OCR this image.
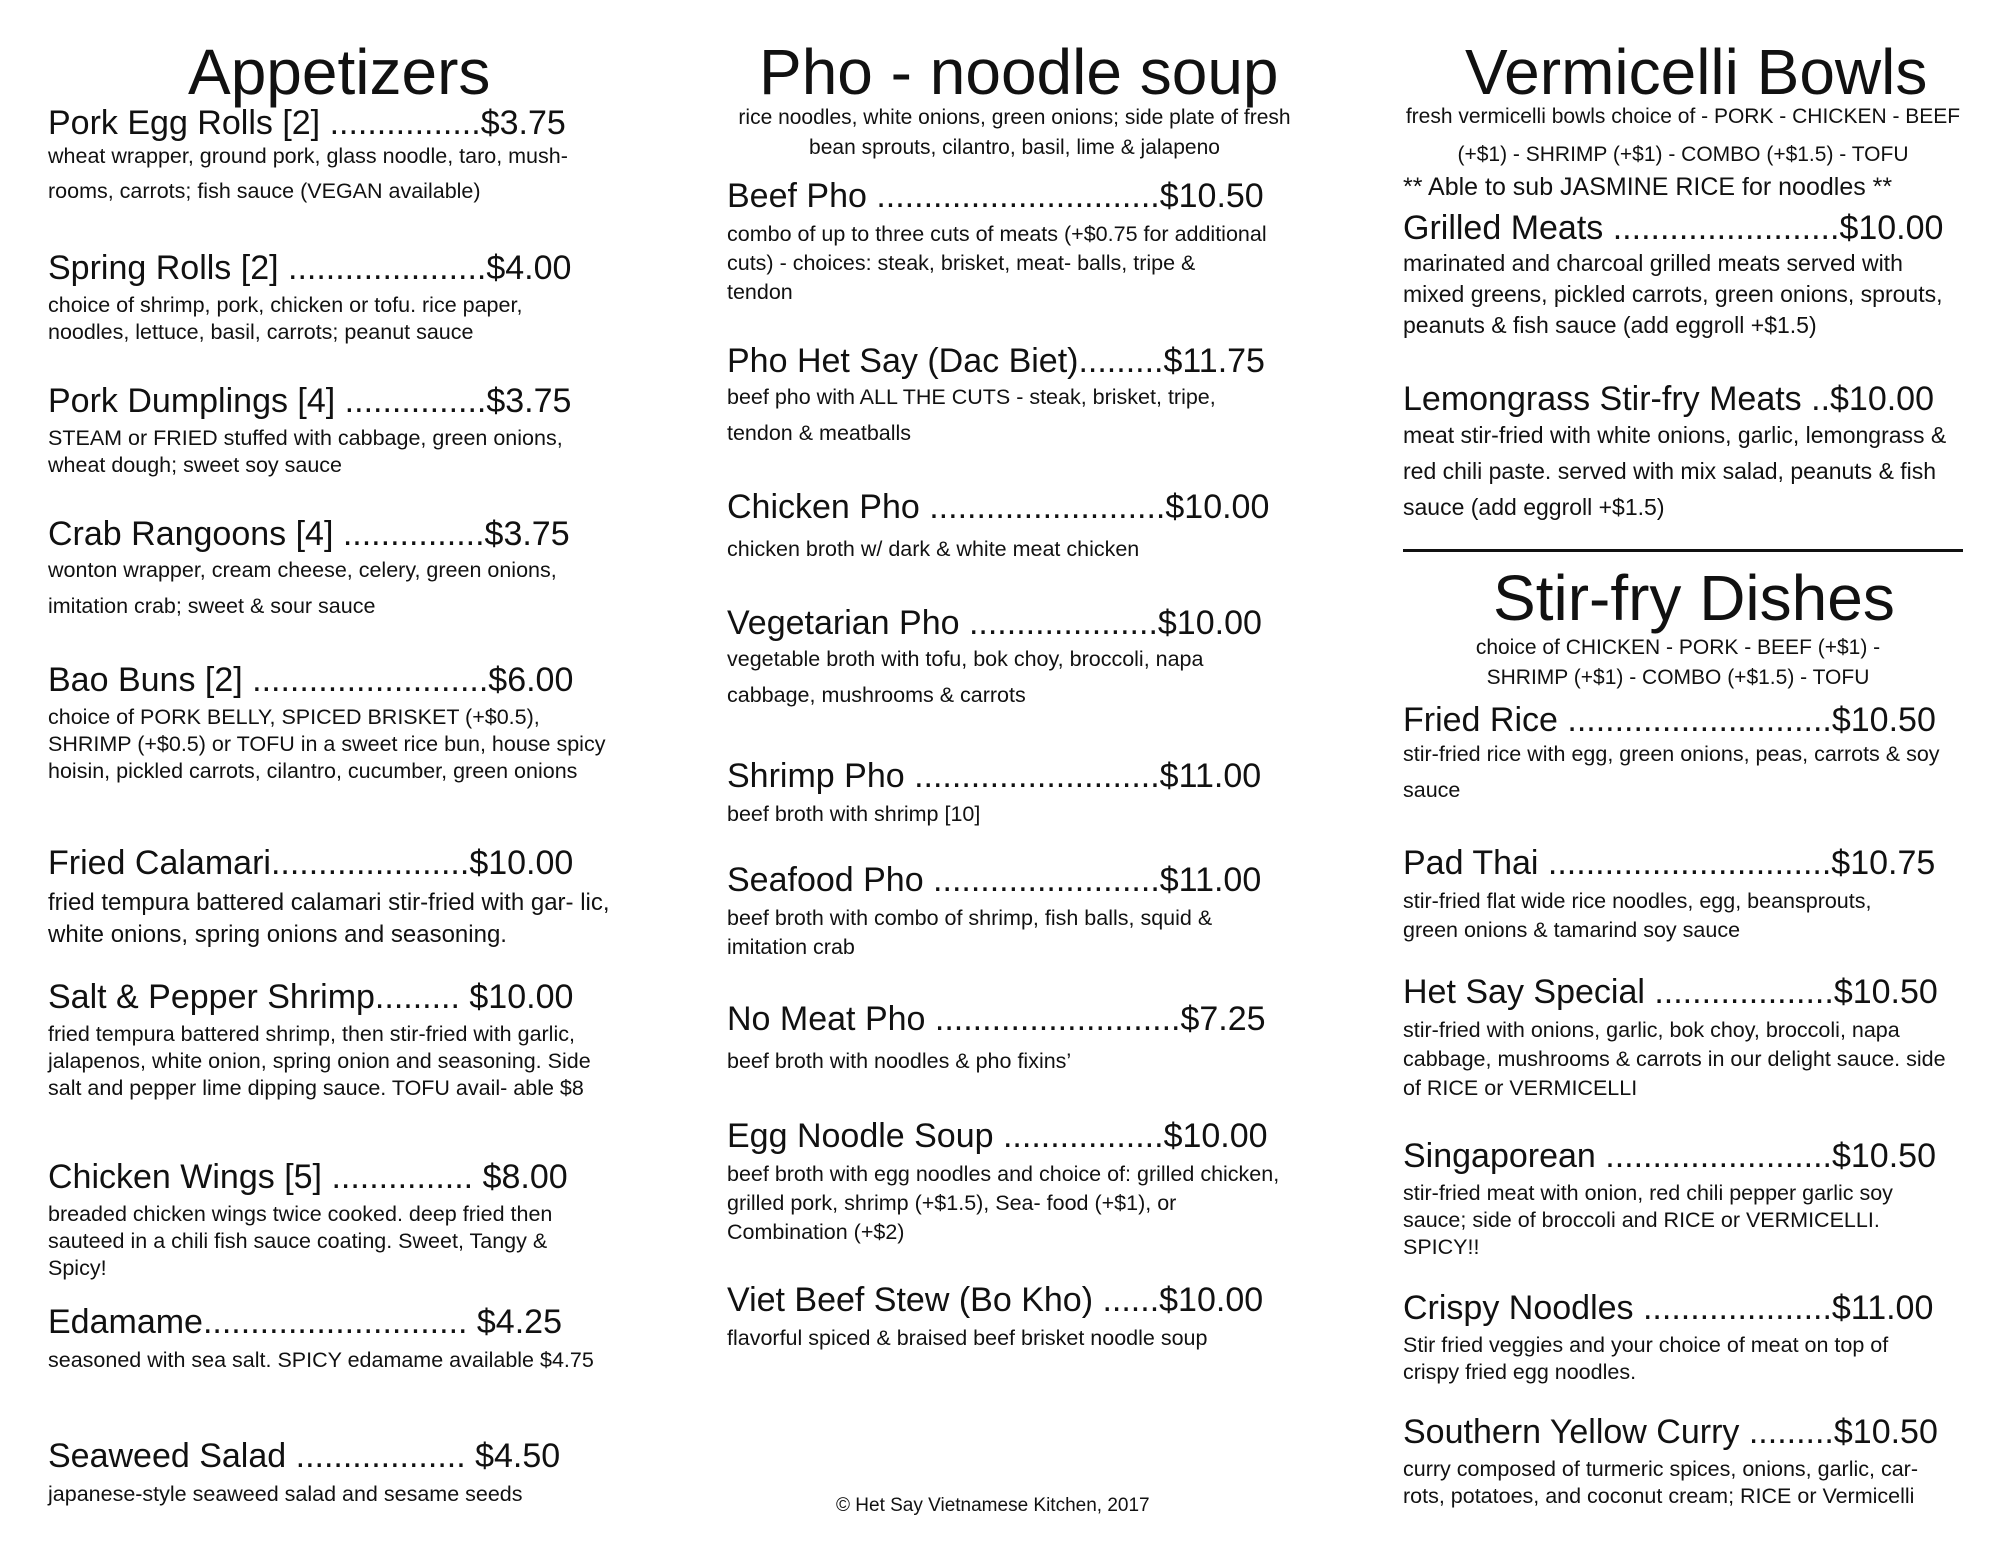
Appetizers
Pork Egg Rolls [2] ................$3.75
wheat wrapper, ground pork, glass noodle, taro, mush- rooms, carrots; fish sauce (VEGAN available)
Spring Rolls [2] .....................$4.00
choice of shrimp, pork, chicken or tofu. rice paper, noodles, lettuce, basil, carrots; peanut sauce
Pork Dumplings [4] ...............$3.75
STEAM or FRIED stuffed with cabbage, green onions, wheat dough; sweet soy sauce
Crab Rangoons [4] ...............$3.75
wonton wrapper, cream cheese, celery, green onions, imitation crab; sweet & sour sauce
Bao Buns [2] .........................$6.00
choice of PORK BELLY, SPICED BRISKET (+$0.5), SHRIMP (+$0.5) or TOFU in a sweet rice bun, house spicy hoisin, pickled carrots, cilantro, cucumber, green onions
Fried Calamari.....................$10.00
fried tempura battered calamari stir-fried with gar- lic, white onions, spring onions and seasoning.
Salt & Pepper Shrimp......... $10.00
fried tempura battered shrimp, then stir-fried with garlic, jalapenos, white onion, spring onion and seasoning. Side salt and pepper lime dipping sauce. TOFU avail- able $8
Chicken Wings [5] ............... $8.00
breaded chicken wings twice cooked. deep fried then sauteed in a chili fish sauce coating. Sweet, Tangy & Spicy!
Edamame............................ $4.25
seasoned with sea salt. SPICY edamame available $4.75
Seaweed Salad .................. $4.50
japanese-style seaweed salad and sesame seeds
Pho - noodle soup
rice noodles, white onions, green onions; side plate of fresh bean sprouts, cilantro, basil, lime & jalapeno
Beef Pho ..............................$10.50
combo of up to three cuts of meats (+$0.75 for additional cuts) - choices: steak, brisket, meat- balls, tripe & tendon
Pho Het Say (Dac Biet).........$11.75
beef pho with ALL THE CUTS - steak, brisket, tripe, tendon & meatballs
Chicken Pho .........................$10.00
chicken broth w/ dark & white meat chicken
Vegetarian Pho ....................$10.00
vegetable broth with tofu, bok choy, broccoli, napa cabbage, mushrooms & carrots
Shrimp Pho ..........................$11.00
beef broth with shrimp [10]
Seafood Pho ........................$11.00
beef broth with combo of shrimp, fish balls, squid & imitation crab
No Meat Pho ..........................$7.25
beef broth with noodles & pho fixins’
Egg Noodle Soup .................$10.00
beef broth with egg noodles and choice of: grilled chicken, grilled pork, shrimp (+$1.5), Sea- food (+$1), or Combination (+$2)
Viet Beef Stew (Bo Kho) ......$10.00
flavorful spiced & braised beef brisket noodle soup
© Het Say Vietnamese Kitchen, 2017
Vermicelli Bowls
fresh vermicelli bowls choice of - PORK - CHICKEN - BEEF (+$1) - SHRIMP (+$1) - COMBO (+$1.5) - TOFU
** Able to sub JASMINE RICE for noodles **
Grilled Meats ........................$10.00
marinated and charcoal grilled meats served with mixed greens, pickled carrots, green onions, sprouts, peanuts & fish sauce (add eggroll +$1.5)
Lemongrass Stir-fry Meats ..$10.00
meat stir-fried with white onions, garlic, lemongrass & red chili paste. served with mix salad, peanuts & fish sauce (add eggroll +$1.5)
Stir-fry Dishes
choice of CHICKEN - PORK - BEEF (+$1) - SHRIMP (+$1) - COMBO (+$1.5) - TOFU
Fried Rice ............................$10.50
stir-fried rice with egg, green onions, peas, carrots & soy sauce
Pad Thai ..............................$10.75
stir-fried flat wide rice noodles, egg, beansprouts, green onions & tamarind soy sauce
Het Say Special ...................$10.50
stir-fried with onions, garlic, bok choy, broccoli, napa cabbage, mushrooms & carrots in our delight sauce. side of RICE or VERMICELLI
Singaporean ........................$10.50
stir-fried meat with onion, red chili pepper garlic soy sauce; side of broccoli and RICE or VERMICELLI. SPICY!!
Crispy Noodles ....................$11.00
Stir fried veggies and your choice of meat on top of crispy fried egg noodles.
Southern Yellow Curry .........$10.50
curry composed of turmeric spices, onions, garlic, car- rots, potatoes, and coconut cream; RICE or Vermicelli
